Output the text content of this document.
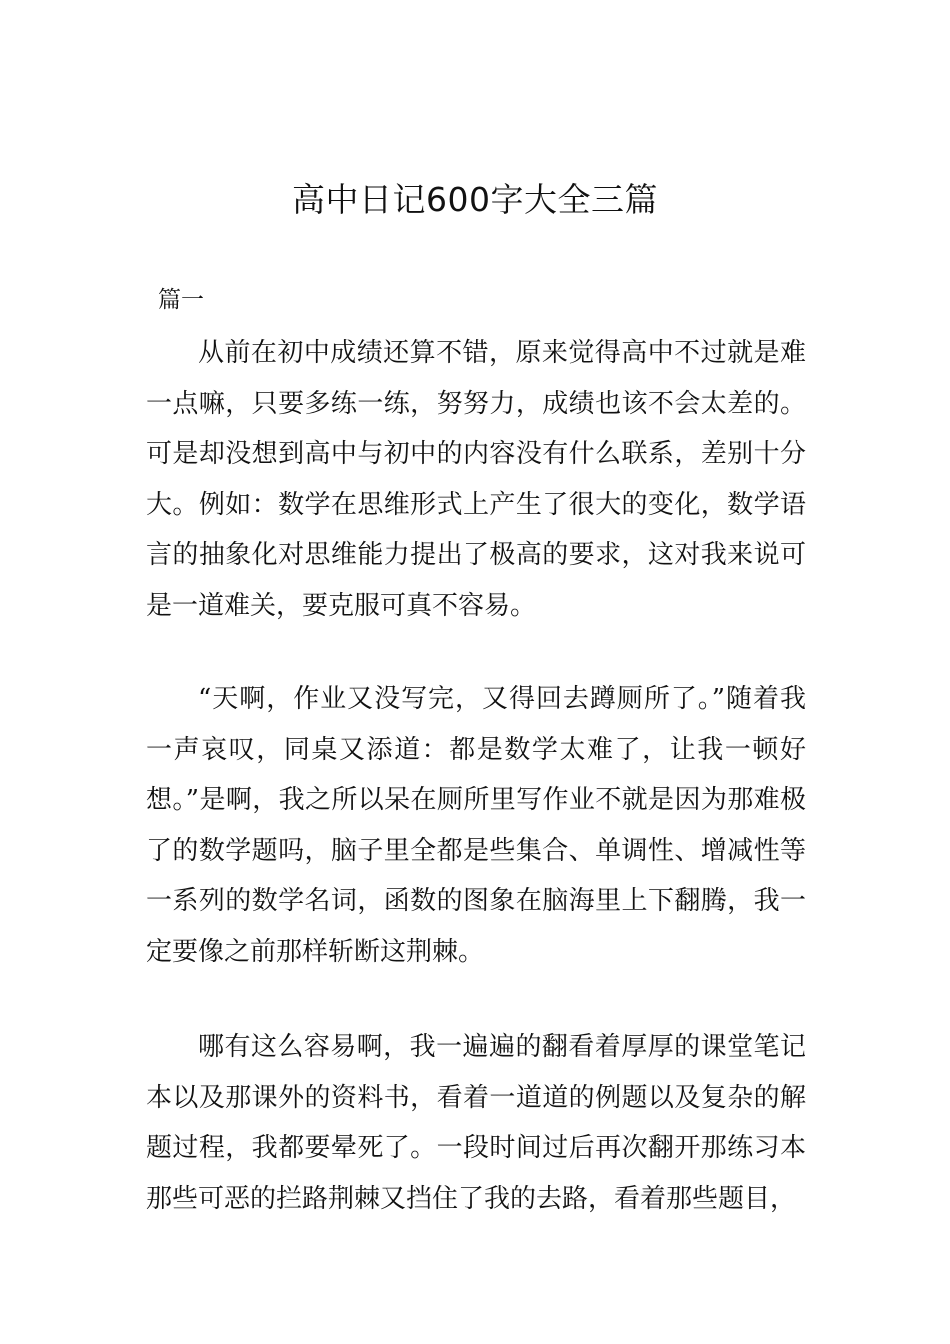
高中日记600字大全三篇
篇一

从前在初中成绩还算不错，原来觉得高中不过就是难一点嘛，只要多练一练，努努力，成绩也该不会太差的。可是却没想到高中与初中的内容没有什么联系，差别十分大。例如：数学在思维形式上产生了很大的变化，数学语言的抽象化对思维能力提出了极高的要求，这对我来说可是一道难关，要克服可真不容易。

“天啊，作业又没写完，又得回去蹲厕所了。”随着我一声哀叹，同桌又添道：都是数学太难了，让我一顿好想。”是啊，我之所以呆在厕所里写作业不就是因为那难极了的数学题吗，脑子里全都是些集合、单调性、增减性等一系列的数学名词，函数的图象在脑海里上下翻腾，我一定要像之前那样斩断这荆棘。

哪有这么容易啊，我一遍遍的翻看着厚厚的课堂笔记本以及那课外的资料书，看着一道道的例题以及复杂的解题过程，我都要晕死了。一段时间过后再次翻开那练习本那些可恶的拦路荆棘又挡住了我的去路，看着那些题目，
